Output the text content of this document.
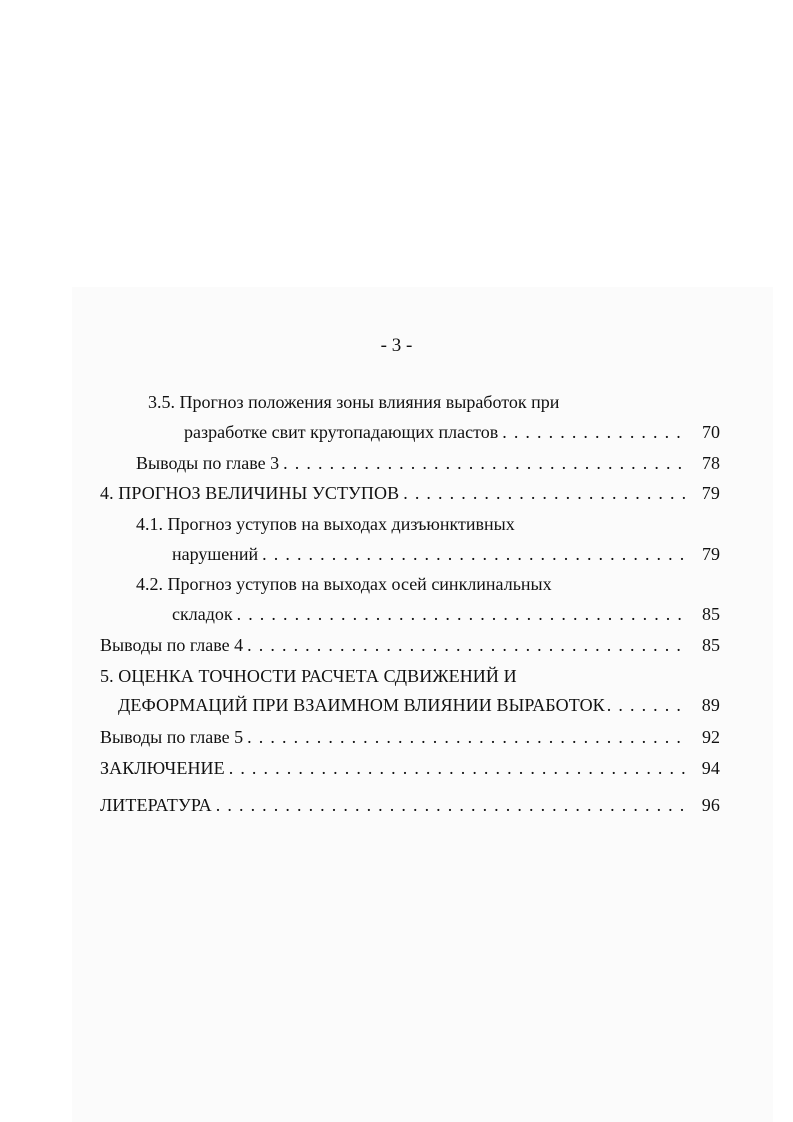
- 3 -
3.5. Прогноз положения зоны влияния выработок при
разработке свит крутопадающих пластов . . .	70
Выводы по главе 3 . . .	78
4. ПРОГНОЗ ВЕЛИЧИНЫ УСТУПОВ . . .	79
4.1. Прогноз уступов на выходах дизъюнктивных
нарушений . . .	79
4.2. Прогноз уступов на выходах осей синклинальных
складок . . .	85
Выводы по главе 4 . . .	85
5. ОЦЕНКА ТОЧНОСТИ РАСЧЕТА СДВИЖЕНИЙ И
ДЕФОРМАЦИЙ ПРИ ВЗАИМНОМ ВЛИЯНИИ ВЫРАБОТОК . . .	89
Выводы по главе 5 . . .	92
ЗАКЛЮЧЕНИЕ . . .	94
ЛИТЕРАТУРА . . .	96
